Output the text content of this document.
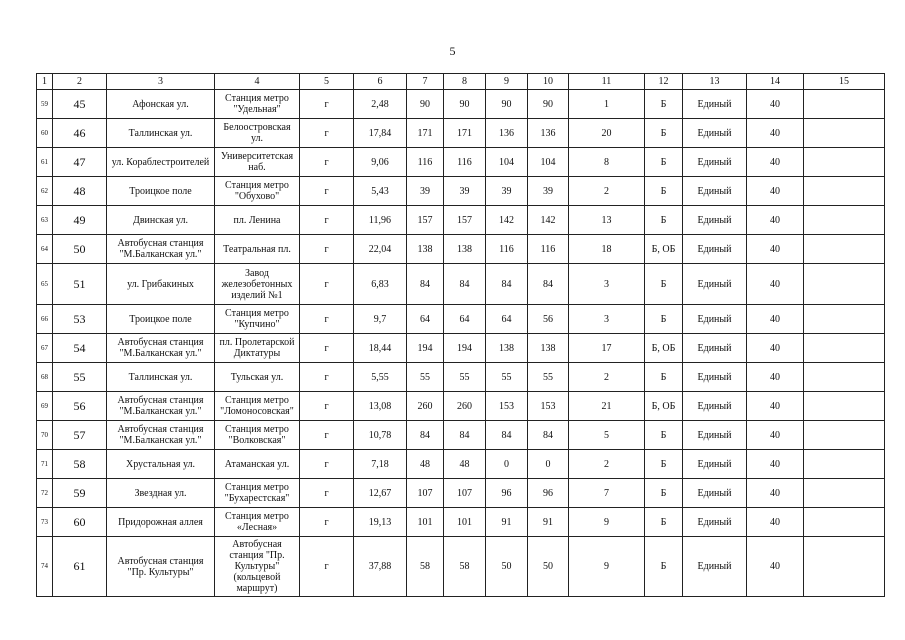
5
1	2	3	4	5	6	7	8	9	10	11	12	13	14	15
59	45	Афонская ул.	Станция метро "Удельная"	г	2,48	90	90	90	90	1	Б	Единый	40	
60	46	Таллинская ул.	Белоостровская ул.	г	17,84	171	171	136	136	20	Б	Единый	40	
61	47	ул. Кораблестроителей	Университетская наб.	г	9,06	116	116	104	104	8	Б	Единый	40	
62	48	Троицкое поле	Станция метро "Обухово"	г	5,43	39	39	39	39	2	Б	Единый	40	
63	49	Двинская ул.	пл. Ленина	г	11,96	157	157	142	142	13	Б	Единый	40	
64	50	Автобусная станция "М.Балканская ул."	Театральная пл.	г	22,04	138	138	116	116	18	Б, ОБ	Единый	40	
65	51	ул. Грибакиных	Завод железобетонных изделий №1	г	6,83	84	84	84	84	3	Б	Единый	40	
66	53	Троицкое поле	Станция метро "Купчино"	г	9,7	64	64	64	56	3	Б	Единый	40	
67	54	Автобусная станция "М.Балканская ул."	пл. Пролетарской Диктатуры	г	18,44	194	194	138	138	17	Б, ОБ	Единый	40	
68	55	Таллинская ул.	Тульская ул.	г	5,55	55	55	55	55	2	Б	Единый	40	
69	56	Автобусная станция "М.Балканская ул."	Станция метро "Ломоносовская"	г	13,08	260	260	153	153	21	Б, ОБ	Единый	40	
70	57	Автобусная станция "М.Балканская ул."	Станция метро "Волковская"	г	10,78	84	84	84	84	5	Б	Единый	40	
71	58	Хрустальная ул.	Атаманская ул.	г	7,18	48	48	0	0	2	Б	Единый	40	
72	59	Звездная ул.	Станция метро "Бухарестская"	г	12,67	107	107	96	96	7	Б	Единый	40	
73	60	Придорожная аллея	Станция метро «Лесная»	г	19,13	101	101	91	91	9	Б	Единый	40	
74	61	Автобусная станция "Пр. Культуры"	Автобусная станция "Пр. Культуры" (кольцевой маршрут)	г	37,88	58	58	50	50	9	Б	Единый	40	
